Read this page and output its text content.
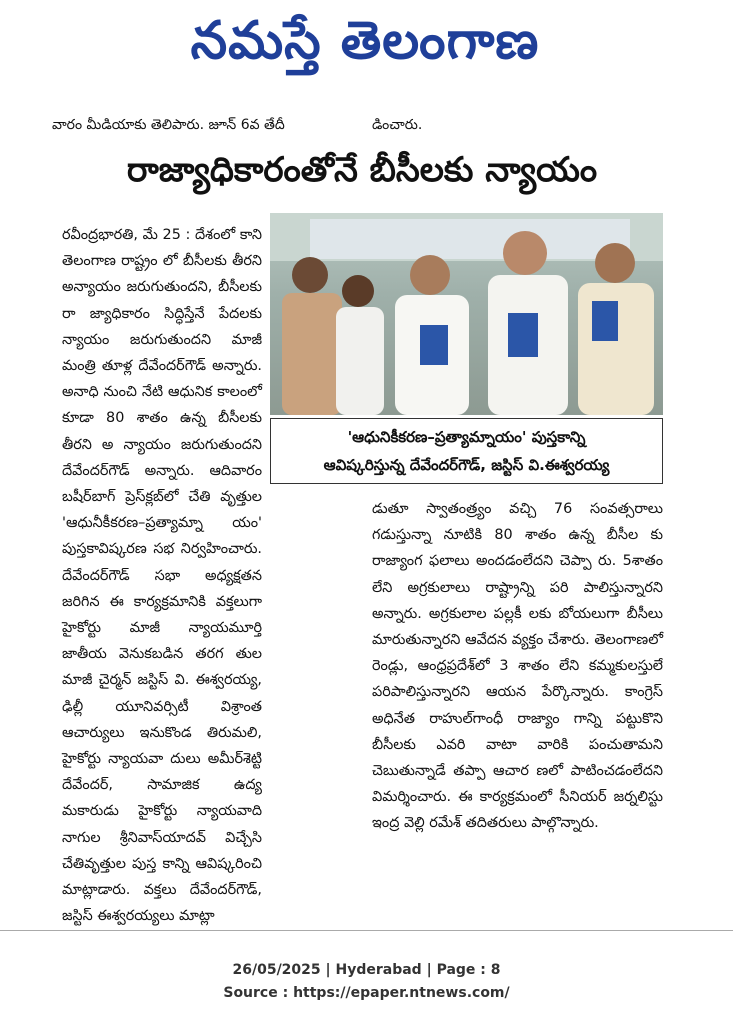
నమస్తే తెలంగాణ
వారం మీడియాకు తెలిపారు. జూన్ 6వ తేదీ	డించారు.
రాజ్యాధికారంతోనే బీసీలకు న్యాయం

రవీంద్రభారతి, మే 25 : దేశంలో కాని తెలంగాణ రాష్ట్రం లో బీసీలకు తీరని అన్యాయం జరుగుతుందని, బీసీలకు రా జ్యాధికారం సిద్ధిస్తేనే పేదలకు న్యాయం జరుగుతుందని మాజీ మంత్రి తూళ్ల దేవేందర్‌గౌడ్ అన్నారు. అనాధి నుంచి నేటి ఆధునిక కాలంలో కూడా 80 శాతం ఉన్న బీసీలకు తీరని అ న్యాయం జరుగుతుందని దేవేందర్‌గౌడ్ అన్నారు. ఆదివారం బషీర్‌బాగ్ ప్రెస్‌క్లబ్‌లో చేతి వృత్తుల 'ఆధునీకీకరణ–ప్రత్యామ్నా యం' పుస్తకావిష్కరణ సభ నిర్వహించారు. దేవేందర్‌గౌడ్ సభా అధ్యక్షతన జరిగిన ఈ కార్యక్రమానికి వక్తలుగా హైకోర్టు మాజీ న్యాయమూర్తి జాతీయ వెనుకబడిన తరగ తుల మాజీ చైర్మన్ జస్టిస్ వి. ఈశ్వరయ్య, ఢిల్లీ యూనివర్సిటీ విశ్రాంత ఆచార్యులు ఇనుకొండ తిరుమలి, హైకోర్టు న్యాయవా దులు అమీర్‌శెట్టి దేవేందర్, సామాజిక ఉద్య మకారుడు హైకోర్టు న్యాయవాది నాగుల శ్రీనివాస్‌యాదవ్ విచ్చేసి చేతివృత్తుల పుస్త కాన్ని ఆవిష్కరించి మాట్లాడారు. వక్తలు దేవేందర్‌గౌడ్, జస్టిస్ ఈశ్వరయ్యలు మాట్లా

'ఆధునికీకరణ–ప్రత్యామ్నాయం' పుస్తకాన్ని
ఆవిష్కరిస్తున్న దేవేందర్‌గౌడ్, జస్టిస్ వి.ఈశ్వరయ్య

డుతూ స్వాతంత్ర్యం వచ్చి 76 సంవత్సరాలు గడుస్తున్నా నూటికి 80 శాతం ఉన్న బీసీల కు రాజ్యాంగ ఫలాలు అందడంలేదని చెప్పా రు. 5శాతం లేని అగ్రకులాలు రాష్ట్రాన్ని పరి పాలిస్తున్నారని అన్నారు. అగ్రకులాల పల్లకీ లకు బోయలుగా బీసీలు మారుతున్నారని ఆవేదన వ్యక్తం చేశారు. తెలంగాణలో రెండ్లు, ఆంధ్రప్రదేశ్‌లో 3 శాతం లేని కమ్మకులస్తులే పరిపాలిస్తున్నారని ఆయన పేర్కొన్నారు. కాంగ్రెస్ అధినేత రాహుల్‌గాంధీ రాజ్యాం గాన్ని పట్టుకొని బీసీలకు ఎవరి వాటా వారికి పంచుతామని చెబుతున్నాడే తప్పా ఆచార ణలో పాటించడంలేదని విమర్శించారు. ఈ కార్యక్రమంలో సీనియర్ జర్నలిస్టు ఇంద్ర వెల్లి రమేశ్ తదితరులు పాల్గొన్నారు.

26/05/2025 | Hyderabad | Page : 8
Source : https://epaper.ntnews.com/
